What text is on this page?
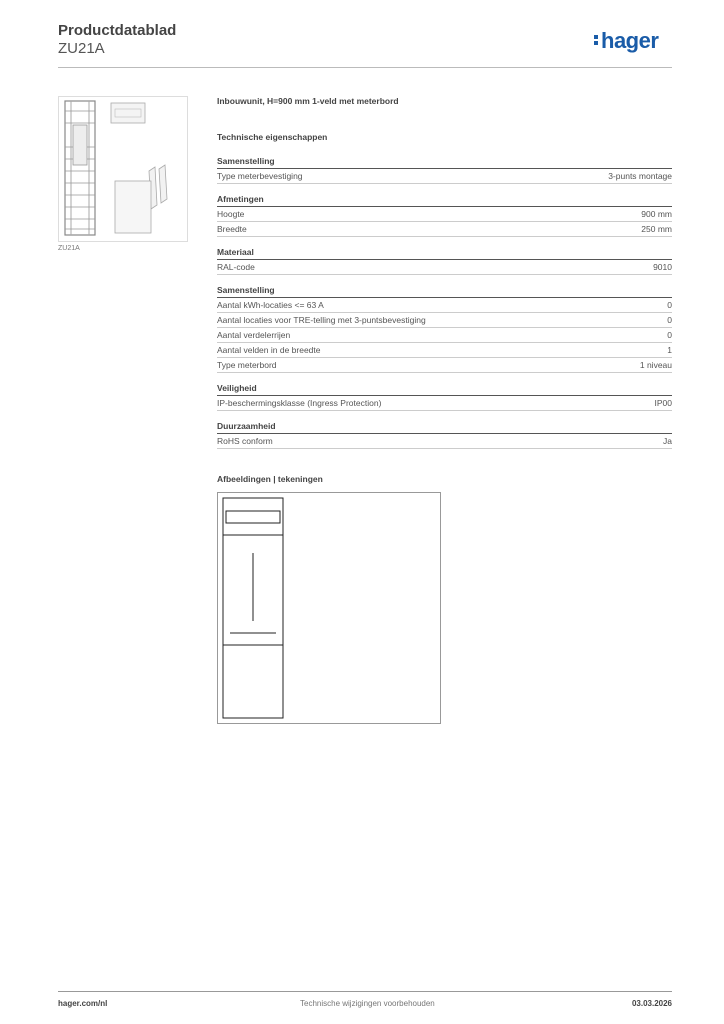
Productdatablad
ZU21A	hager
ZU21A
Inbouwunit, H=900 mm 1-veld met meterbord
Technische eigenschappen
Samenstelling
Type meterbevestiging	3-punts montage
Afmetingen
Hoogte	900 mm
Breedte	250 mm
Materiaal
RAL-code	9010
Samenstelling
Aantal kWh-locaties <= 63 A	0
Aantal locaties voor TRE-telling met 3-puntsbevestiging	0
Aantal verdelerrijen	0
Aantal velden in de breedte	1
Type meterbord	1 niveau
Veiligheid
IP-beschermingsklasse (Ingress Protection)	IP00
Duurzaamheid
RoHS conform	Ja
Afbeeldingen | tekeningen
hager.com/nl	Technische wijzigingen voorbehouden	03.03.2026
